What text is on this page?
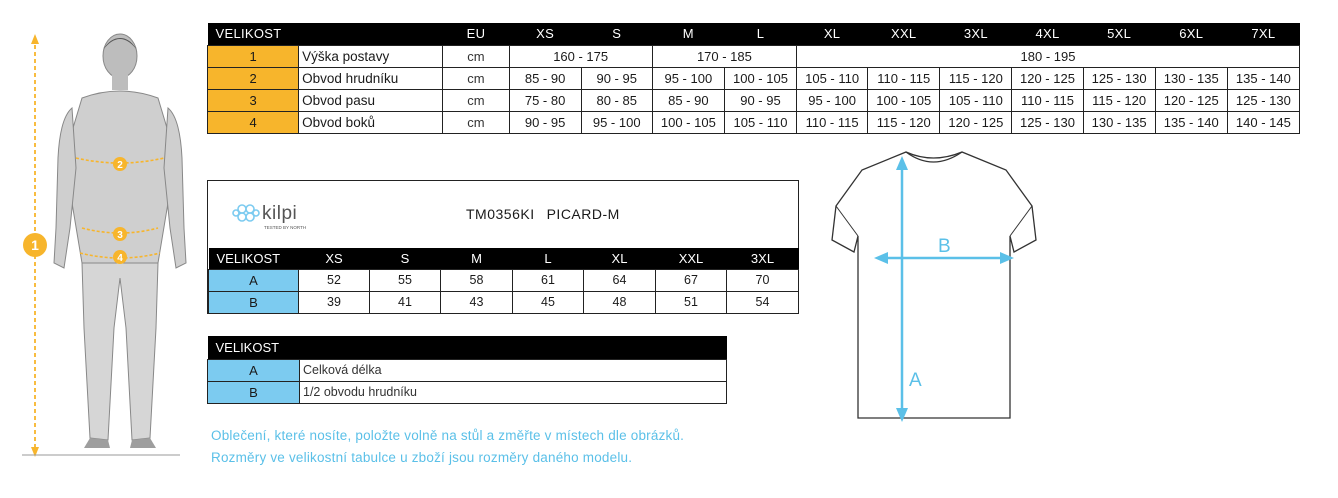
1
2
3
4
VELIKOST		EU	XS	S	M	L	XL	XXL	3XL	4XL	5XL	6XL	7XL
1	Výška postavy	cm	160 - 175		170 - 185		180 - 195						
2	Obvod hrudníku	cm	85 - 90	90 - 95	95 - 100	100 - 105	105 - 110	110 - 115	115 - 120	120 - 125	125 - 130	130 - 135	135 - 140
3	Obvod pasu	cm	75 - 80	80 - 85	85 - 90	90 - 95	95 - 100	100 - 105	105 - 110	110 - 115	115 - 120	120 - 125	125 - 130
4	Obvod boků	cm	90 - 95	95 - 100	100 - 105	105 - 110	110 - 115	115 - 120	120 - 125	125 - 130	130 - 135	135 - 140	140 - 145
kilpi
TESTED BY NORTH
TM0356KI PICARD-M
VELIKOST	XS	S	M	L	XL	XXL	3XL
A	52	55	58	61	64	67	70
B	39	41	43	45	48	51	54
VELIKOST	
A	Celková délka
B	1/2 obvodu hrudníku
Oblečení, které nosíte, položte volně na stůl a změřte v místech dle obrázků.
Rozměry ve velikostní tabulce u zboží jsou rozměry daného modelu.
B
A
